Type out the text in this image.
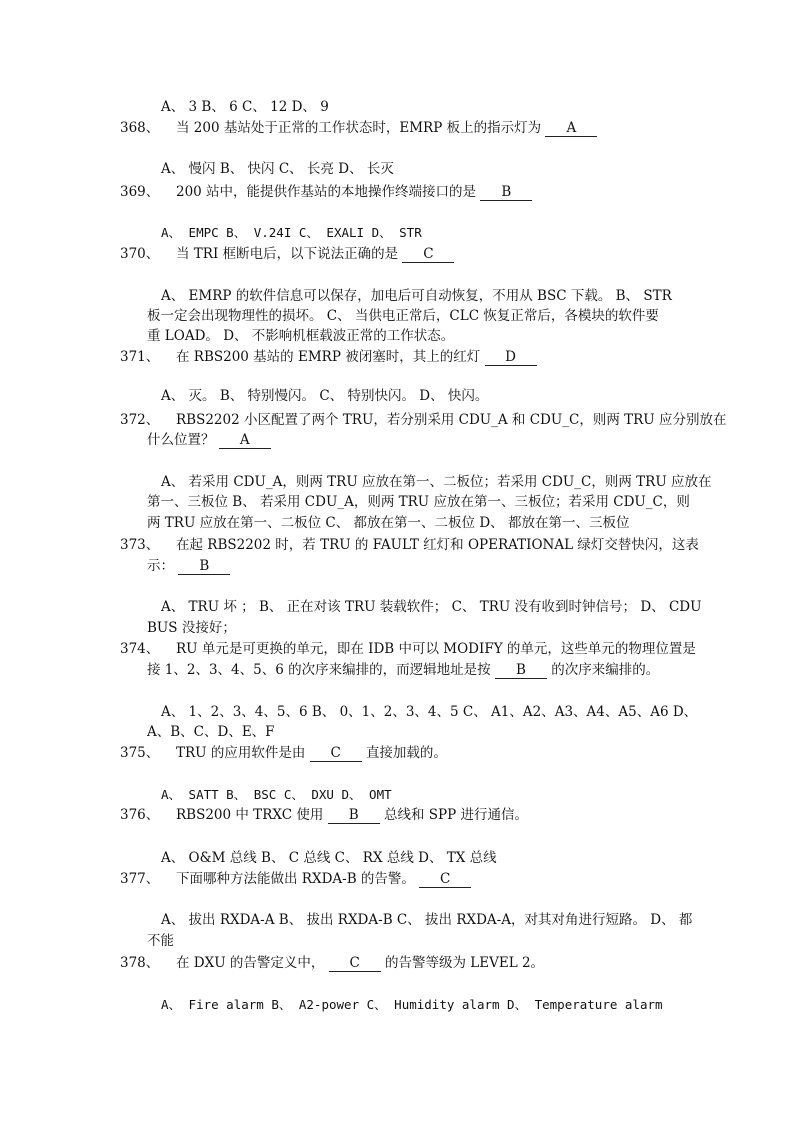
A、 3 B、 6 C、 12 D、 9
368、 当 200 基站处于正常的工作状态时，EMRP 板上的指示灯为 A
A、 慢闪 B、 快闪 C、 长亮 D、 长灭
369、 200 站中，能提供作基站的本地操作终端接口的是 B
A、 EMPC B、 V.24I C、 EXALI D、 STR
370、 当 TRI 框断电后，以下说法正确的是 C
A、 EMRP 的软件信息可以保存，加电后可自动恢复，不用从 BSC 下载。 B、 STR
板一定会出现物理性的损坏。 C、 当供电正常后，CLC 恢复正常后，各模块的软件要
重 LOAD。 D、 不影响机框载波正常的工作状态。
371、 在 RBS200 基站的 EMRP 被闭塞时，其上的红灯 D
A、 灭。 B、 特别慢闪。 C、 特别快闪。 D、 快闪。
372、 RBS2202 小区配置了两个 TRU，若分别采用 CDU_A 和 CDU_C，则两 TRU 应分别放在
什么位置？ A
A、 若采用 CDU_A，则两 TRU 应放在第一、二板位；若采用 CDU_C，则两 TRU 应放在
第一、三板位 B、 若采用 CDU_A，则两 TRU 应放在第一、三板位；若采用 CDU_C，则
两 TRU 应放在第一、二板位 C、 都放在第一、二板位 D、 都放在第一、三板位
373、 在起 RBS2202 时，若 TRU 的 FAULT 红灯和 OPERATIONAL 绿灯交替快闪，这表
示： B
A、 TRU 坏 ； B、 正在对该 TRU 装载软件； C、 TRU 没有收到时钟信号； D、 CDU
BUS 没接好；
374、 RU 单元是可更换的单元，即在 IDB 中可以 MODIFY 的单元，这些单元的物理位置是
接 1、2、3、4、5、6 的次序来编排的，而逻辑地址是按 B 的次序来编排的。
A、 1、2、3、4、5、6 B、 0、1、2、3、4、5 C、 A1、A2、A3、A4、A5、A6 D、
A、B、C、D、E、F
375、 TRU 的应用软件是由 C 直接加载的。
A、 SATT B、 BSC C、 DXU D、 OMT
376、 RBS200 中 TRXC 使用 B 总线和 SPP 进行通信。
A、 O&M 总线 B、 C 总线 C、 RX 总线 D、 TX 总线
377、 下面哪种方法能做出 RXDA-B 的告警。 C
A、 拔出 RXDA-A B、 拔出 RXDA-B C、 拔出 RXDA-A，对其对角进行短路。 D、 都
不能
378、 在 DXU 的告警定义中， C 的告警等级为 LEVEL 2。
A、 Fire alarm B、 A2-power C、 Humidity alarm D、 Temperature alarm
